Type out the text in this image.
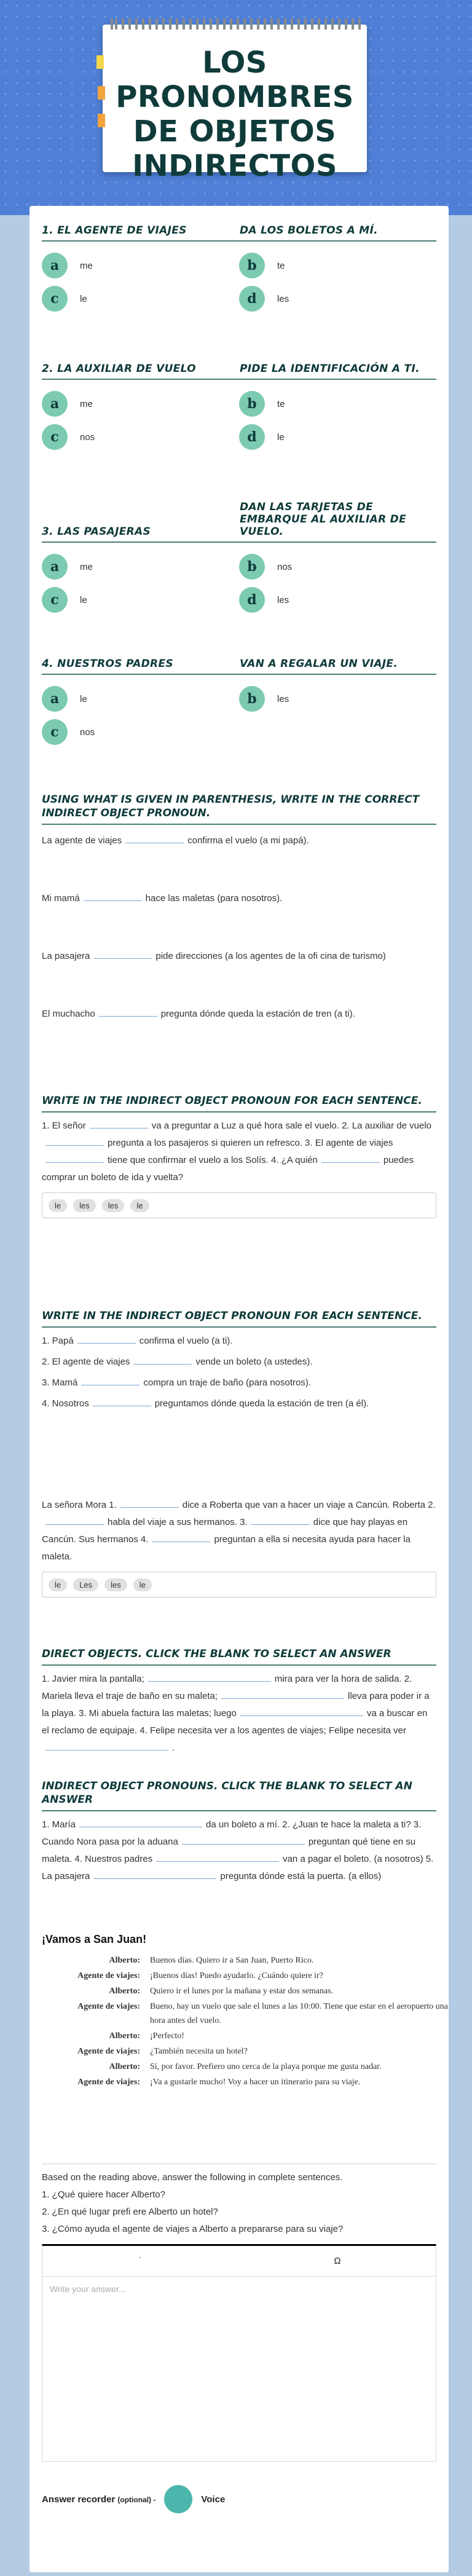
LOS PRONOMBRES DE OBJETOS INDIRECTOS
1. EL AGENTE DE VIAJES	DA LOS BOLETOS A MÍ.
a	me	b	te
c	le	d	les
2. LA AUXILIAR DE VUELO	PIDE LA IDENTIFICACIÓN A TI.
a	me	b	te
c	nos	d	le
3. LAS PASAJERAS
DAN LAS TARJETAS DE EMBARQUE AL AUXILIAR DE VUELO.
a	me	b	nos
c	le	d	les
4. NUESTROS PADRES	VAN A REGALAR UN VIAJE.
a	le	b	les
c	nos
USING WHAT IS GIVEN IN PARENTHESIS, WRITE IN THE CORRECT INDIRECT OBJECT PRONOUN.
La agente de viajes	confirma el vuelo (a mi papá).
Mi mamá	hace las maletas (para nosotros).
La pasajera	pide direcciones (a los agentes de la ofi cina de turismo)
El muchacho	pregunta dónde queda la estación de tren (a ti).
WRITE IN THE INDIRECT OBJECT PRONOUN FOR EACH SENTENCE.
1. El señor	va a preguntar a Luz a qué hora sale el vuelo. 2. La auxiliar de vuelopregunta a los pasajeros si quieren un refresco. 3. El agente de viajestiene que confirmar el vuelo a los Solís. 4. ¿A quién	puedes comprar un boleto de ida y vuelta?
le	les	les	le
WRITE IN THE INDIRECT OBJECT PRONOUN FOR EACH SENTENCE.
1. Papá	confirma el vuelo (a ti).
2. El agente de viajes	vende un boleto (a ustedes).
3. Mamá	compra un traje de baño (para nosotros).
4. Nosotros	preguntamos dónde queda la estación de tren (a él).
La señora Mora 1.	dice a Roberta que van a hacer un viaje a Cancún. Roberta 2.habla del viaje a sus hermanos. 3.	dice que hay playas en Cancún. Sus hermanos 4.	preguntan a ella si necesita ayuda para hacer la maleta.
le	Les	les	le
DIRECT OBJECTS. CLICK THE BLANK TO SELECT AN ANSWER
1. Javier mira la pantalla;	mira para ver la hora de salida. 2. Mariela lleva el traje de baño en su maleta;	lleva para poder ir a la playa. 3. Mi abuela factura las maletas; luego	va a buscar en el reclamo de equipaje. 4. Felipe necesita ver a los agentes de viajes; Felipe necesita ver.
INDIRECT OBJECT PRONOUNS. CLICK THE BLANK TO SELECT AN ANSWER
1. María	da un boleto a mí. 2. ¿Juan te hace la maleta a ti? 3. Cuando Nora pasa por la aduana	preguntan qué tiene en su maleta. 4. Nuestros padres	van a pagar el boleto. (a nosotros) 5. La pasajera	pregunta dónde está la puerta. (a ellos)
¡Vamos a San Juan!
Alberto: Buenos días. Quiero ir a San Juan, Puerto Rico.
Agente de viajes: ¡Buenos días! Puedo ayudarlo. ¿Cuándo quiere ir?
Alberto: Quiero ir el lunes por la mañana y estar dos semanas.
Agente de viajes: Bueno, hay un vuelo que sale el lunes a las 10:00. Tiene que estar en el aeropuerto una hora antes del vuelo.
Alberto: ¡Perfecto!
Agente de viajes: ¿También necesita un hotel?
Alberto: Sí, por favor. Prefiero uno cerca de la playa porque me gusta nadar.
Agente de viajes: ¡Va a gustarle mucho! Voy a hacer un itinerario para su viaje.
Based on the reading above, answer the following in complete sentences.
1. ¿Qué quiere hacer Alberto?
2. ¿En qué lugar prefi ere Alberto un hotel?
3. ¿Cómo ayuda el agente de viajes a Alberto a prepararse para su viaje?
˙	Ω
Write your answer...
Answer recorder (optional) -	Voice
